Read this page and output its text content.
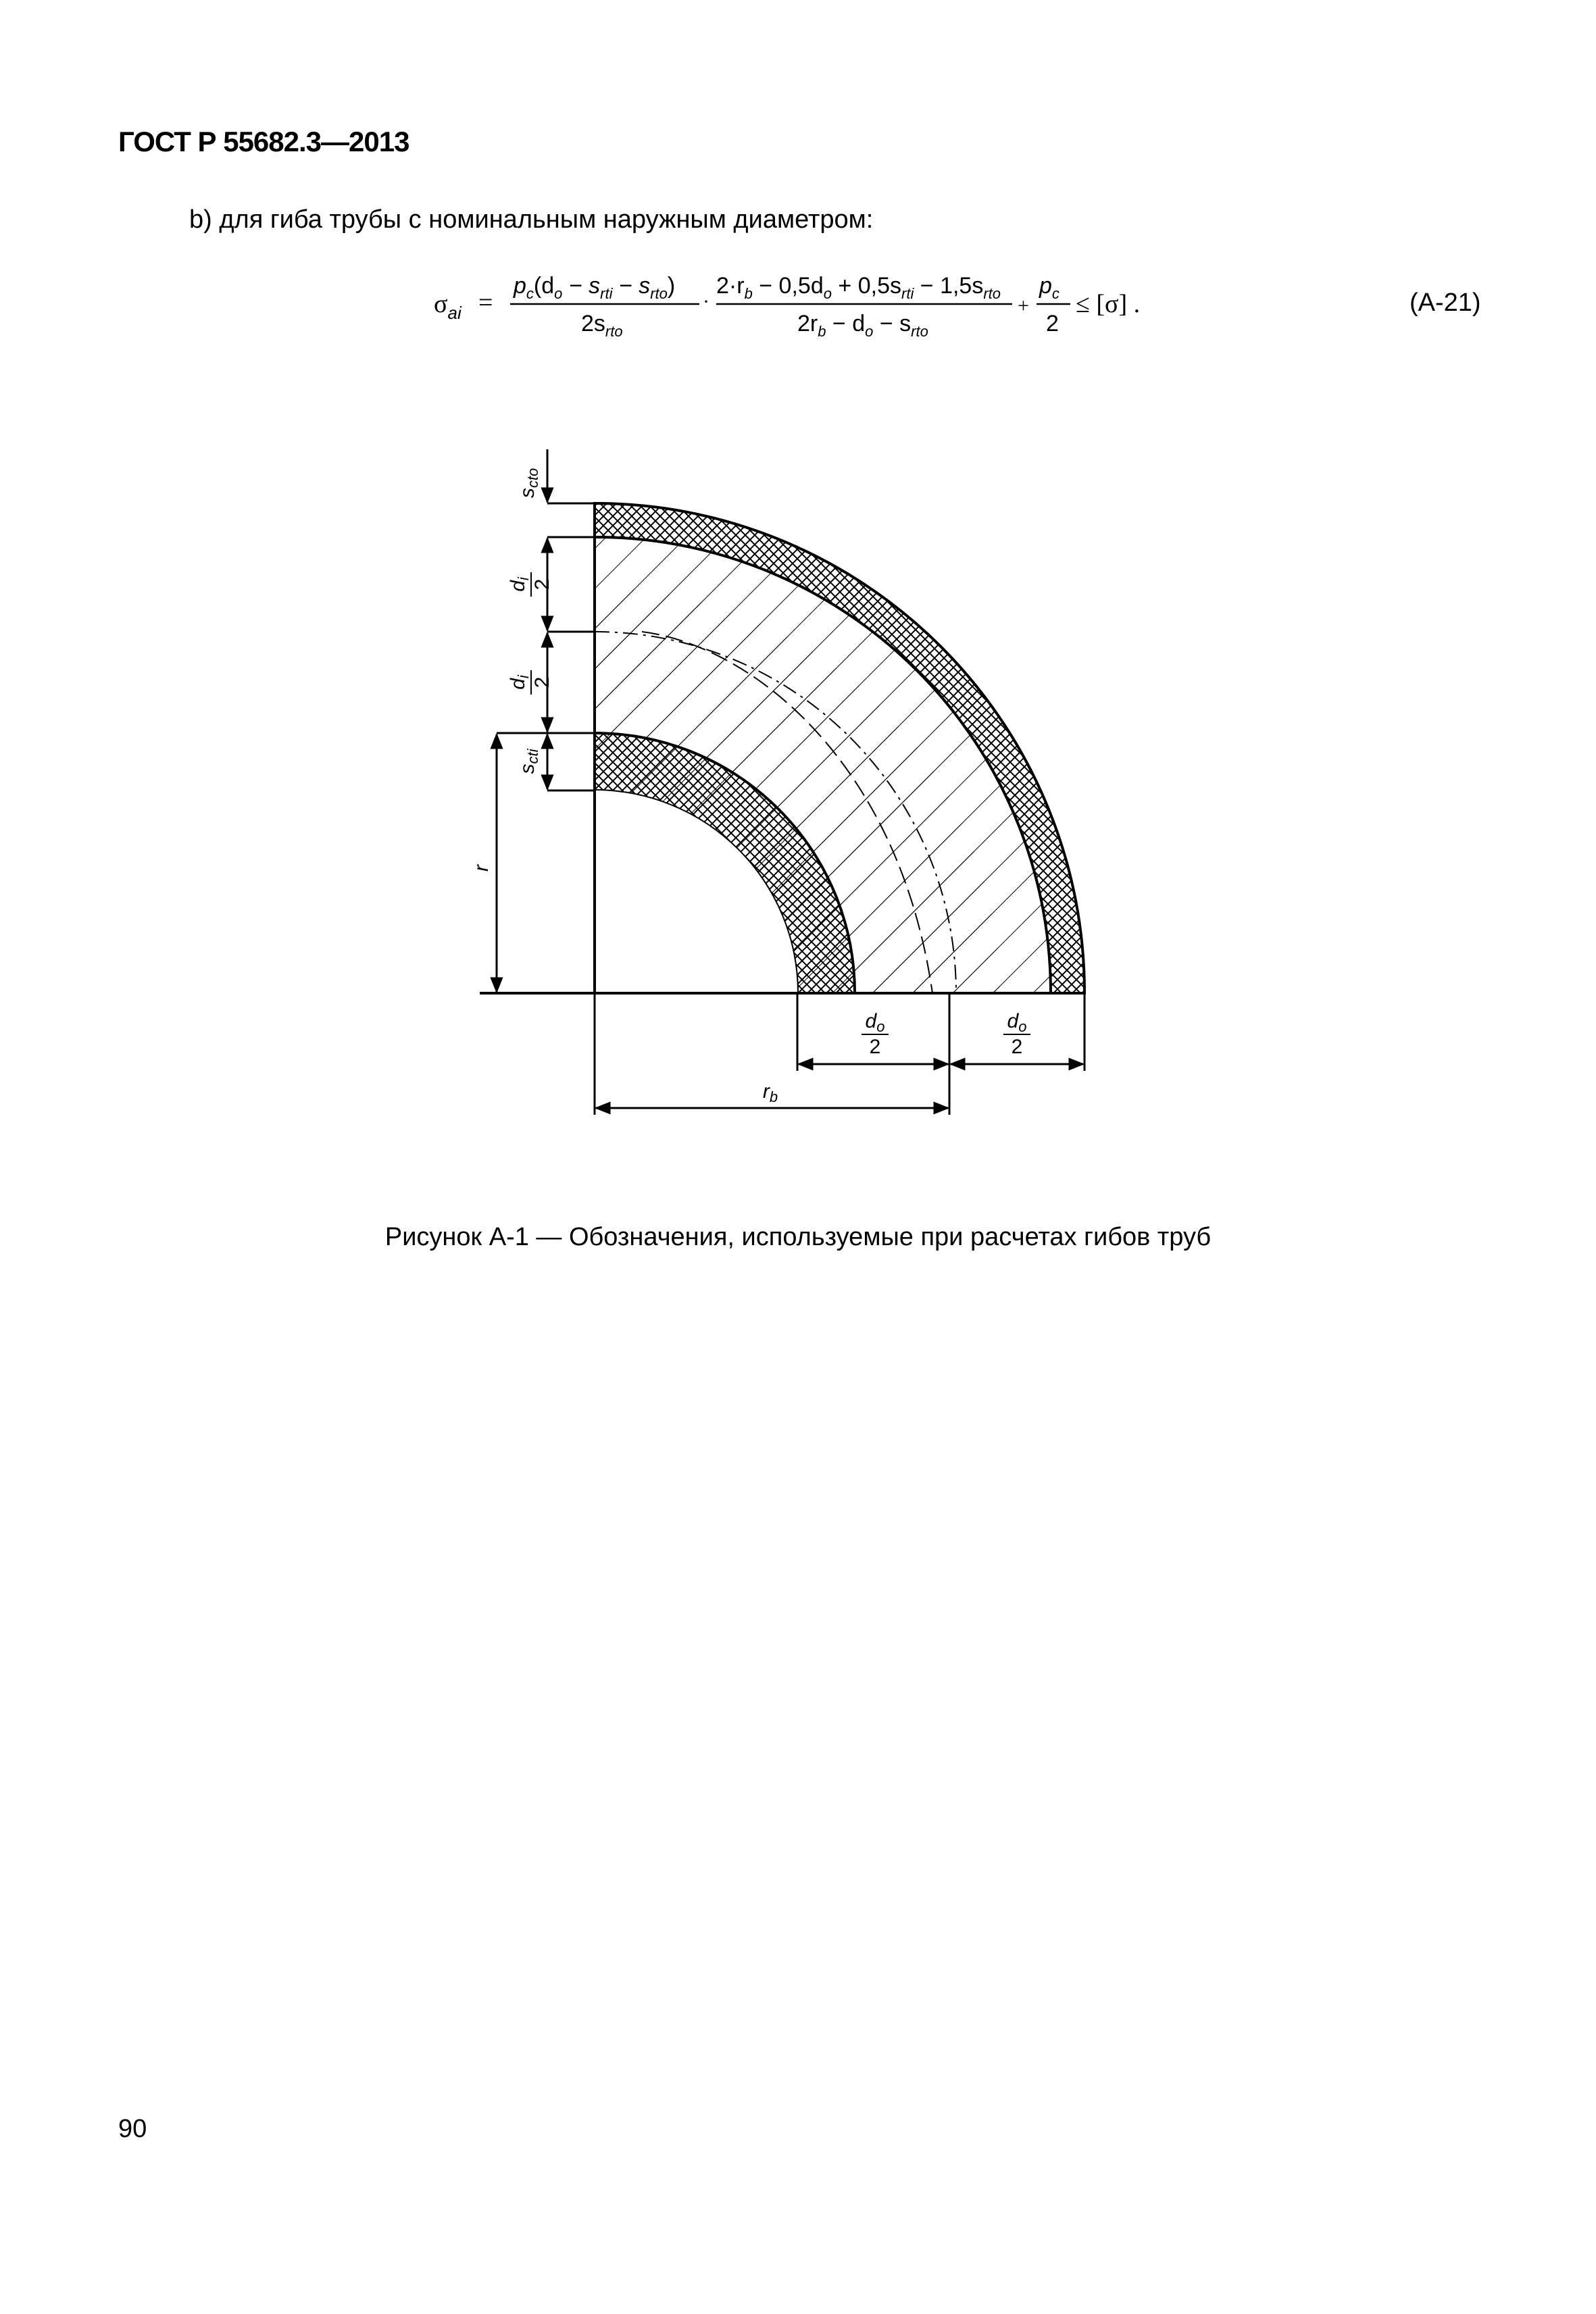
ГОСТ Р 55682.3—2013
b) для гиба трубы с номинальным наружным диаметром:
$\sigma_{ai}$ =
$p_c(d_o - s_{rti} - s_{rto})$
$2s_{rto}$
·
$2\cdot r_b - 0,5d_o + 0,5s_{rti} - 1,5s_{rto}$
$2r_b - d_o - s_{rto}$
+
$p_c$
2
≤ [σ] .	(А-21)
$s_{cto}$
$d_i$ 2
$d_i$ 2
$s_{cti}$
r
$d_o$
2
$d_o$
2
$r_b$
Рисунок А-1 — Обозначения, используемые при расчетах гибов труб
90
